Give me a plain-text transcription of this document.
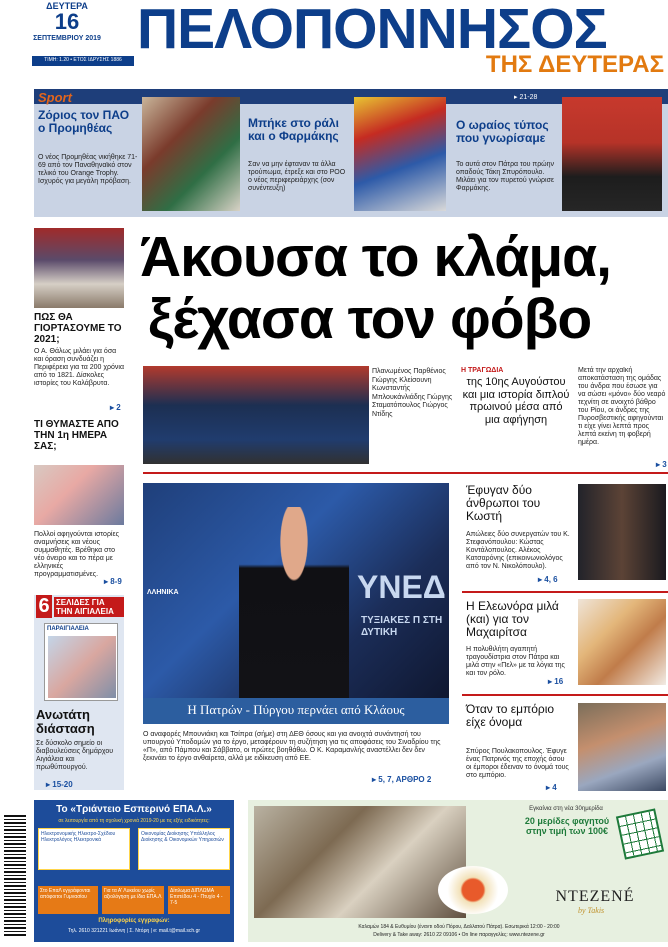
ΔΕΥΤΕΡΑ
16
ΣΕΠΤΕΜΒΡΙΟΥ 2019
ΤΙΜΗ: 1.20 • ΕΤΟΣ ΙΔΡΥΣΗΣ 1886 ΠΕΛΟΠΟΝΝΗΣΟΣ
ΤΗΣ ΔΕΥΤΕΡΑΣ
Sport	▸ 21-28
Ζόριος τον ΠΑΟ ο Προμηθέας
Ο νέος Προμηθέας νικήθηκε 71-69 από τον Παναθηναϊκό στον τελικό του Orange Trophy. Ισχυρός για μεγάλη πρόβαση.
Μπήκε στο ράλι και ο Φαρμάκης
Σαν να μην έφταναν τα άλλα τρούπωμα, έτρεξε και στο ΡΟΟ ο νέος περιφερειάρχης (σον συνέντευξη)
Ο ωραίος τύπος που γνωρίσαμε
Το αυτά στον Πάτρα του πρώην οπαδούς Τάκη Σπυρόπουλο. Μιλάει για τον πυρετού γνώρισε Φαρμάκης.
ΠΩΣ ΘΑ ΓΙΟΡΤΑΣΟΥΜΕ ΤΟ 2021;
Ο Α. Θάλως μιλάει για όσα και όραση συνδυάζει η Περιφέρεια για τα 200 χρόνια από το 1821. Δίσκολες ιστορίες του Καλάβρυτα.
▸ 2
ΤΙ ΘΥΜΑΣΤΕ ΑΠΟ ΤΗΝ 1η ΗΜΕΡΑ ΣΑΣ;
Πολλοί αφηγούνται ιστορίες αναμνήσεις και νέους συμμαθητές. Βρέθηκα στο νέο όνειρο και το πέρα με ελληνικές προγραμματισμένες.
▸ 8-9
6 ΣΕΛΙΔΕΣ ΓΙΑ ΤΗΝ ΑΙΓΙΑΛΕΙΑ
ΠΑΡΑΙΓΙΑΛΕΙΑ
Ανωτάτη διάσταση
Σε δύσκολο σημείο οι διαβουλεύσεις δημάρχου Αιγιάλεια και πρωθύπουργού.
▸ 15-20
Άκουσα το κλάμα,
ξέχασα τον φόβο
Πλανωμένος Παρθένιος Γιώργης Κλείσουνη Κωνσταντής Μπλουκάνλιάδης Γιώργης Σταματόπουλος Γιώργος Ντίδης
Η ΤΡΑΓΩΔΙΑ
της 10ης Αυγούστου και μια ιστορία διπλού πρωινού μέσα από μια αφήγηση
Μετά την αρχαϊκή αποκατάσταση της ομάδας του άνδρα που έσωσε για να σώσει «μόνο» δύο νεαρό τεχνίτη σε ανοιχτό βάθρο του Ρίου, οι άνδρες της Πυροσβεστικής αφηγούνται τι είχε γίνει λεπτά προς λεπτά εκείνη τη φοβερή ημέρα.
▸ 3
ΥΝΕΔ
ΤΥΞΙΑΚΕΣ Π ΣΤΗ ΔΥΤΙΚΗ
ΛΛΗΝΙΚΑ
Η Πατρών - Πύργου περνάει από Κλάους
Ο αναφορές Μπουνιάκη και Τσίπρα (σήμε) στη ΔΕΘ όσους και για ανοιχτά συνάντησή του υπουργού Υποδομών για το έργο, μεταφέρουν τη συζήτηση για τις αποφάσεις του Σιναδρίου της «Π», από Πάμπου και Σάββατο, οι πρώτες βοηθάθω. Ο Κ. Καραμανλής αναστέλλει δεν δεν ξεκινάει το έργο ανθαίρετα, αλλά με ειδίκευση από ΕΕ.
▸ 5, 7, ΑΡΘΡΟ 2
Έφυγαν δύο άνθρωποι του Κωστή
Απώλειες δύο συνεργατών του Κ. Στεφανόπουλου: Κώστας Κοντάλοπουλος. Αλέκος Κατσαρόνης (επικοινωνιολόγος από τον Ν. Νικολόπουλο).
▸ 4, 6
Η Ελεωνόρα μιλά (και) για τον Μαχαιρίτσα
Η πολυθιλήτη αγαπητή τραγουδίστρια στον Πάτρα και μιλά στην «Πελ» με τα λόγια της και τον ρόλο.
▸ 16
Όταν το εμπόριο είχε όνομα
Σπύρος Πουλακοπουλος. Έφυγε ένας Πατρινός της εποχής όσου οι έμποροι έδειναν το όνομά τους στο εμπόριο.
▸ 4
Το «Τριάντειο Εσπερινό ΕΠΑ.Λ.»
σε λειτουργία από τη σχολική χρονιά 2019-20 με τις εξής ειδικότητες:
Ηλεκτρονομικής Ηλεκτρο-Σχέδιου Ηλεκτρολόγος Ηλεκτρονικά
Οικονομίας Διοίκησης Υπάλληλος Διοίκησης & Οικονομικών Υπηρεσιών
Στο ΕπαΛ εγγράφονται απόφοιτοι Γυμνασίου
Για τα Α' Λυκείου χωρίς αξιολόγηση με ίδια ΕΠΑ.Λ
Δίπλωμα ΔΙΠΛΩΜΑ Επιπέδου 4 - Πτυχίο 4 - 7-5
Πληροφορίες εγγραφών:
Τηλ. 2610 321221 Ιωάννη | Σ. Ντόρη | e: mail.t@mail.sch.gr
Εγκαίνια στη νέα 30ημερίδα
20 μερίδες φαγητού στην τιμή των 100€
ΝΤΕΖΕΝÉ
by Takis
Καλαμών 184 & Ευθυμίου (έναντι οδού Πόρου, Δαλλατού Πάτρα). Εσωτερικά 12:00 - 20:00
Delivery & Take away: 2610 22 09106 • On line παραγγελίες: www.ntezene.gr
